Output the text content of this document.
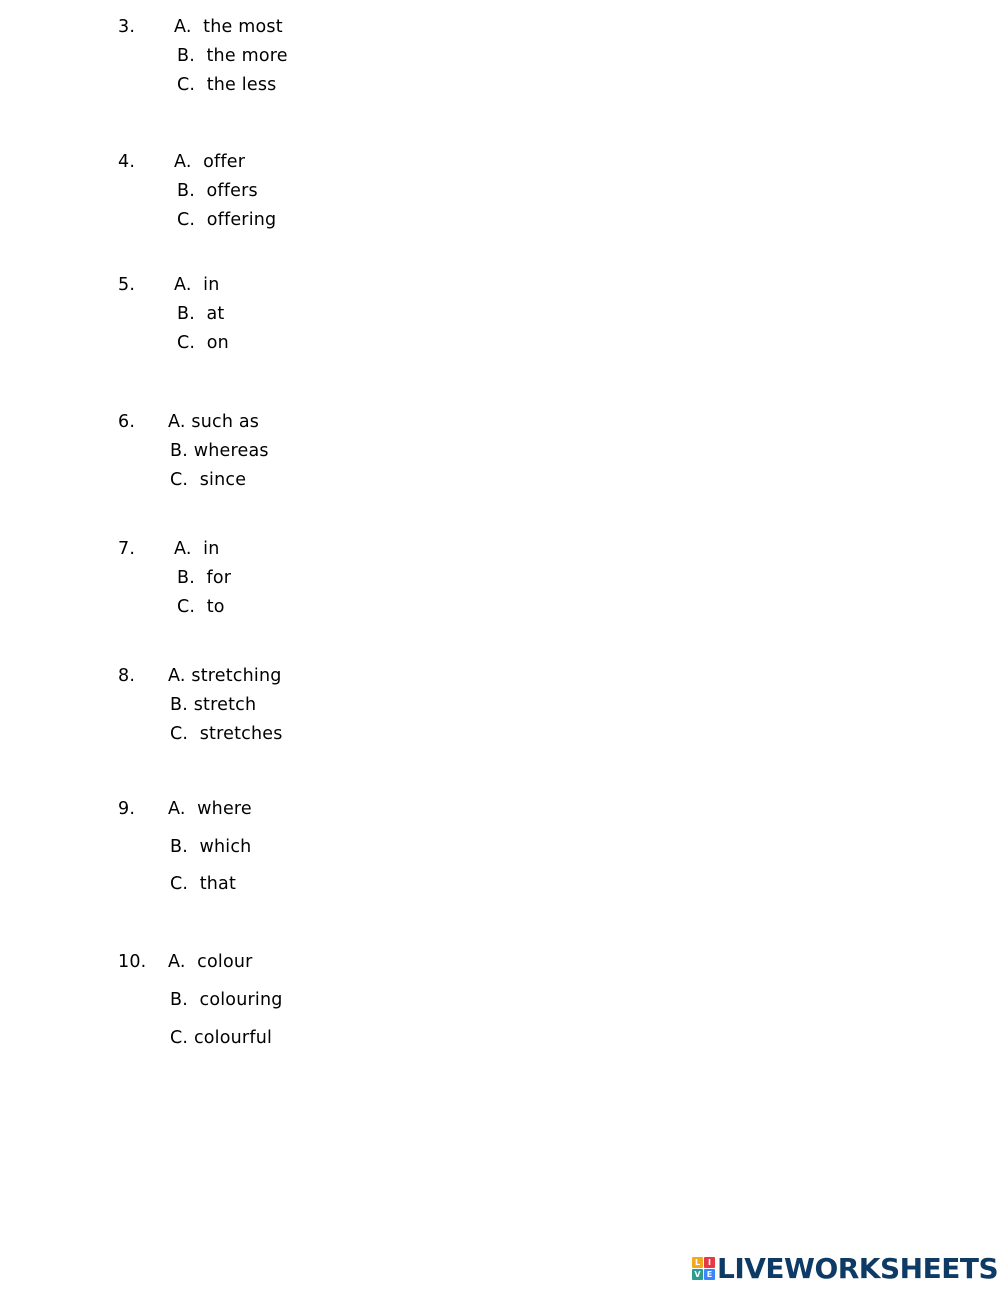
3. A.  the most
B.  the more
C.  the less
4. A.  offer
B.  offers
C.  offering
5. A.  in
B.  at
C.  on
6. A. such as
B. whereas
C.  since
7. A.  in
B.  for
C.  to
8. A. stretching
B. stretch
C.  stretches
9. A.  where
B.  which
C.  that
10. A.  colour
B.  colouring
C. colourful
L I
V E LIVEWORKSHEETS
